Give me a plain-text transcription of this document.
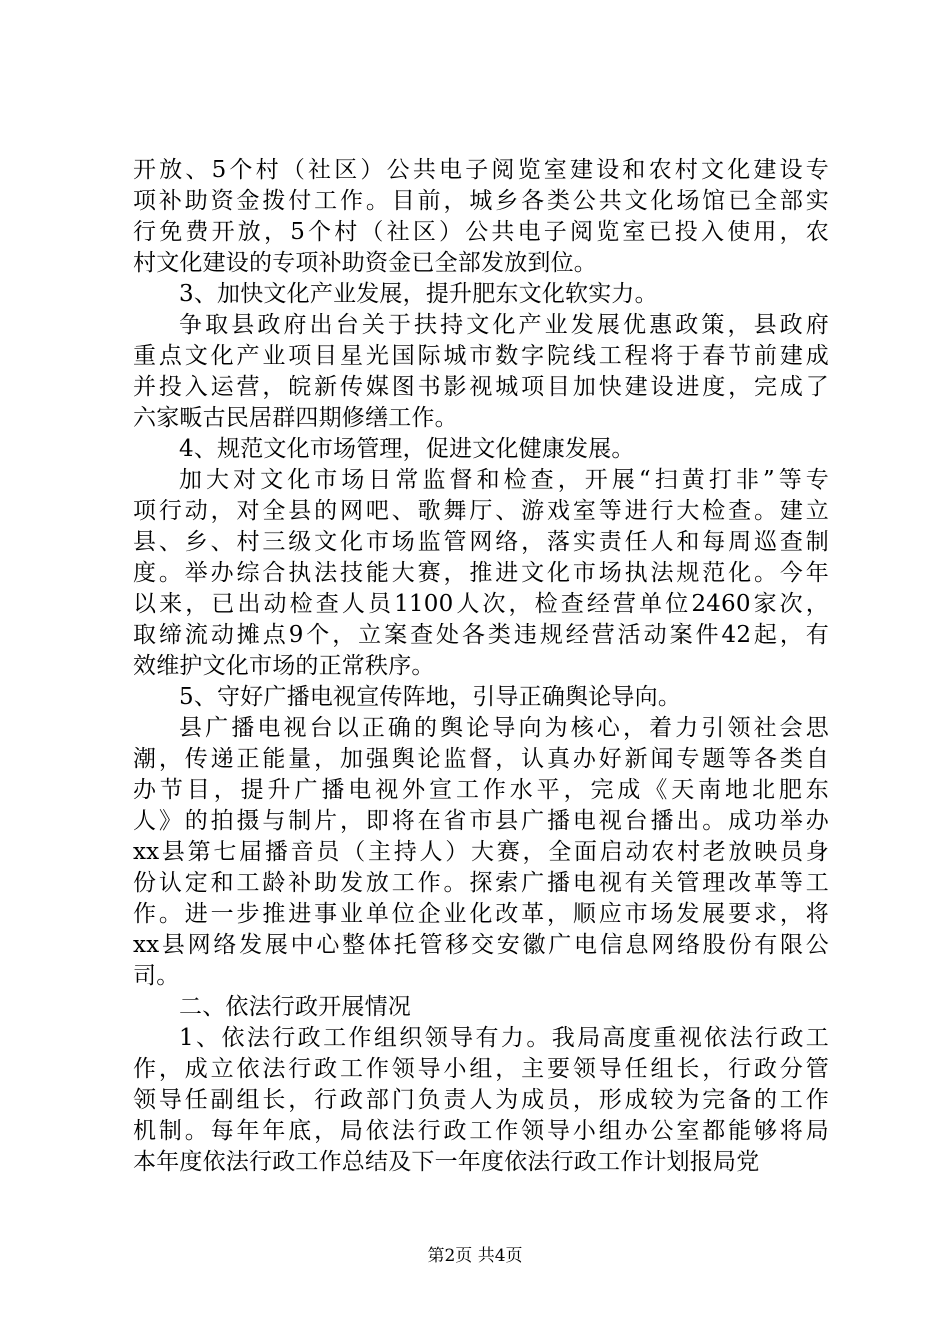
开放、5个村（社区）公共电子阅览室建设和农村文化建设专
项补助资金拨付工作。目前，城乡各类公共文化场馆已全部实
行免费开放，5个村（社区）公共电子阅览室已投入使用，农
村文化建设的专项补助资金已全部发放到位。
3、加快文化产业发展，提升肥东文化软实力。
争取县政府出台关于扶持文化产业发展优惠政策，县政府
重点文化产业项目星光国际城市数字院线工程将于春节前建成
并投入运营，皖新传媒图书影视城项目加快建设进度，完成了
六家畈古民居群四期修缮工作。
4、规范文化市场管理，促进文化健康发展。
加大对文化市场日常监督和检查，开展“扫黄打非”等专
项行动，对全县的网吧、歌舞厅、游戏室等进行大检查。建立
县、乡、村三级文化市场监管网络，落实责任人和每周巡查制
度。举办综合执法技能大赛，推进文化市场执法规范化。今年
以来，已出动检查人员1100人次，检查经营单位2460家次，
取缔流动摊点9个，立案查处各类违规经营活动案件42起，有
效维护文化市场的正常秩序。
5、守好广播电视宣传阵地，引导正确舆论导向。
县广播电视台以正确的舆论导向为核心，着力引领社会思
潮，传递正能量，加强舆论监督，认真办好新闻专题等各类自
办节目，提升广播电视外宣工作水平，完成《天南地北肥东
人》的拍摄与制片，即将在省市县广播电视台播出。成功举办
xx县第七届播音员（主持人）大赛，全面启动农村老放映员身
份认定和工龄补助发放工作。探索广播电视有关管理改革等工
作。进一步推进事业单位企业化改革，顺应市场发展要求，将
xx县网络发展中心整体托管移交安徽广电信息网络股份有限公
司。
二、依法行政开展情况
1、依法行政工作组织领导有力。我局高度重视依法行政工
作，成立依法行政工作领导小组，主要领导任组长，行政分管
领导任副组长，行政部门负责人为成员，形成较为完备的工作
机制。每年年底，局依法行政工作领导小组办公室都能够将局
本年度依法行政工作总结及下一年度依法行政工作计划报局党
第2页 共4页
